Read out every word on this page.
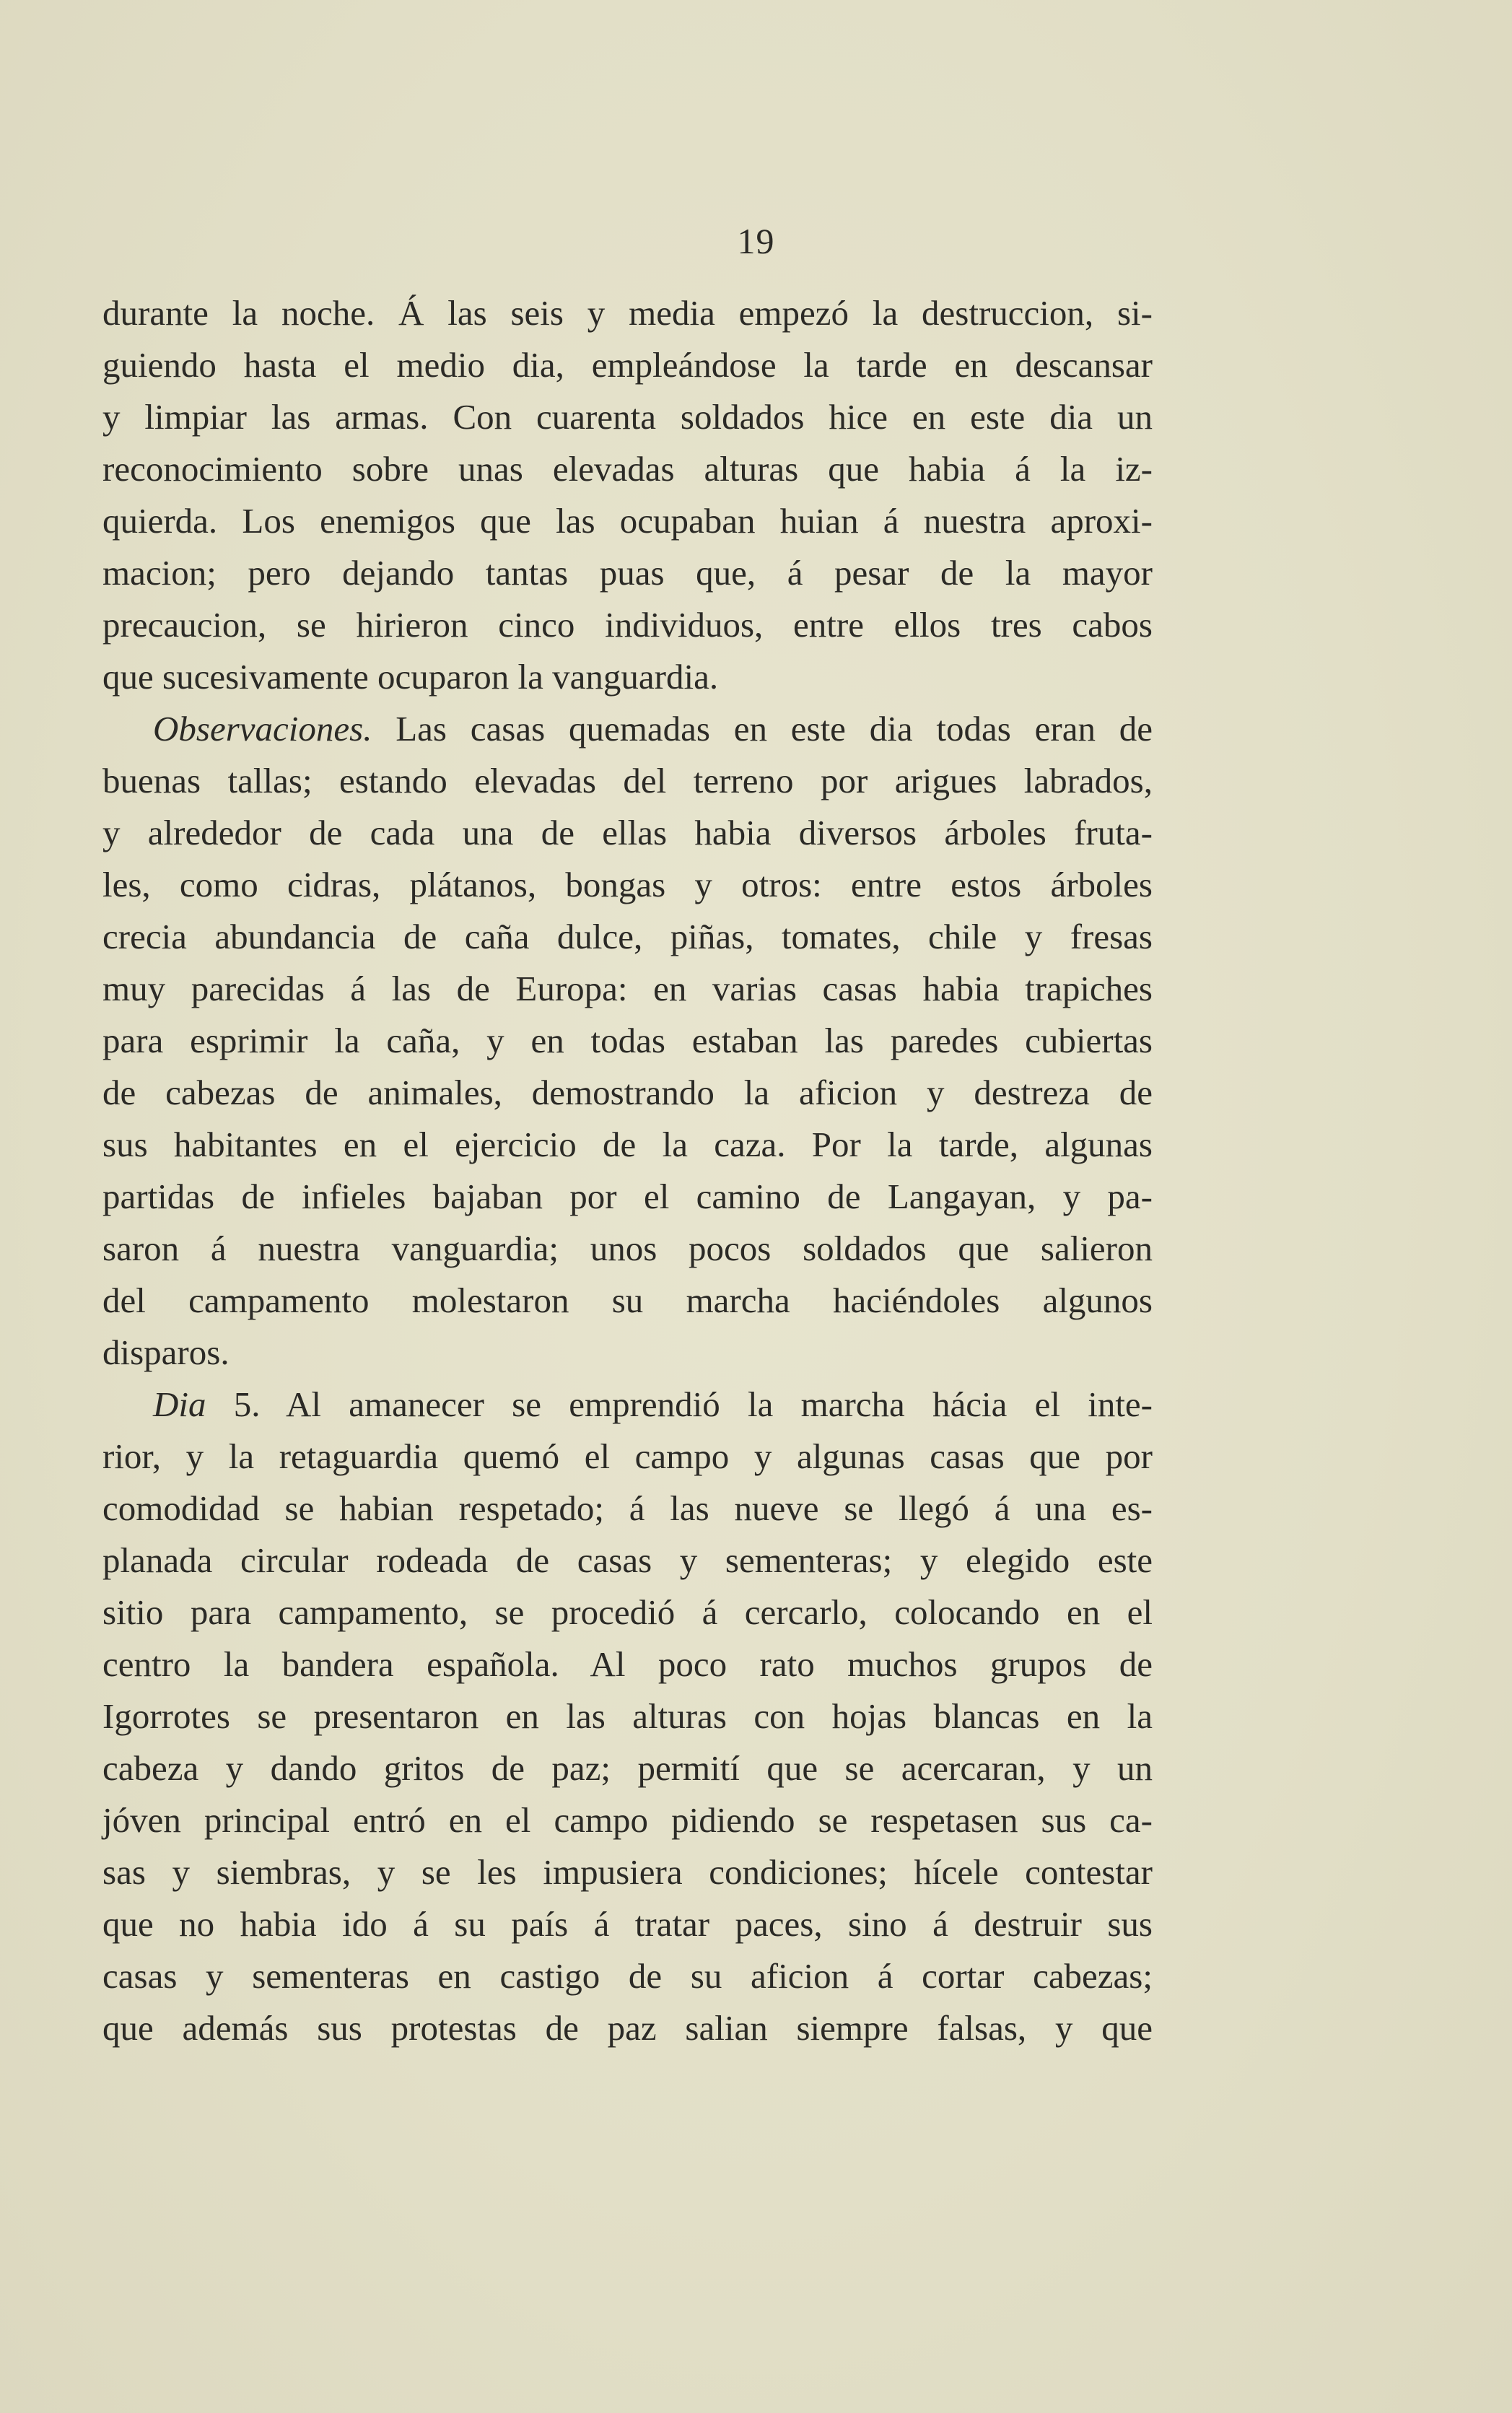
19
durante la noche. Á las seis y media empezó la destruccion, si-
guiendo hasta el medio dia, empleándose la tarde en descansar
y limpiar las armas. Con cuarenta soldados hice en este dia un
reconocimiento sobre unas elevadas alturas que habia á la iz-
quierda. Los enemigos que las ocupaban huian á nuestra aproxi-
macion; pero dejando tantas puas que, á pesar de la mayor
precaucion, se hirieron cinco individuos, entre ellos tres cabos
que sucesivamente ocuparon la vanguardia.
Observaciones. Las casas quemadas en este dia todas eran de
buenas tallas; estando elevadas del terreno por arigues labrados,
y alrededor de cada una de ellas habia diversos árboles fruta-
les, como cidras, plátanos, bongas y otros: entre estos árboles
crecia abundancia de caña dulce, piñas, tomates, chile y fresas
muy parecidas á las de Europa: en varias casas habia trapiches
para esprimir la caña, y en todas estaban las paredes cubiertas
de cabezas de animales, demostrando la aficion y destreza de
sus habitantes en el ejercicio de la caza. Por la tarde, algunas
partidas de infieles bajaban por el camino de Langayan, y pa-
saron á nuestra vanguardia; unos pocos soldados que salieron
del campamento molestaron su marcha haciéndoles algunos
disparos.
Dia 5. Al amanecer se emprendió la marcha hácia el inte-
rior, y la retaguardia quemó el campo y algunas casas que por
comodidad se habian respetado; á las nueve se llegó á una es-
planada circular rodeada de casas y sementeras; y elegido este
sitio para campamento, se procedió á cercarlo, colocando en el
centro la bandera española. Al poco rato muchos grupos de
Igorrotes se presentaron en las alturas con hojas blancas en la
cabeza y dando gritos de paz; permití que se acercaran, y un
jóven principal entró en el campo pidiendo se respetasen sus ca-
sas y siembras, y se les impusiera condiciones; hícele contestar
que no habia ido á su país á tratar paces, sino á destruir sus
casas y sementeras en castigo de su aficion á cortar cabezas;
que además sus protestas de paz salian siempre falsas, y que
